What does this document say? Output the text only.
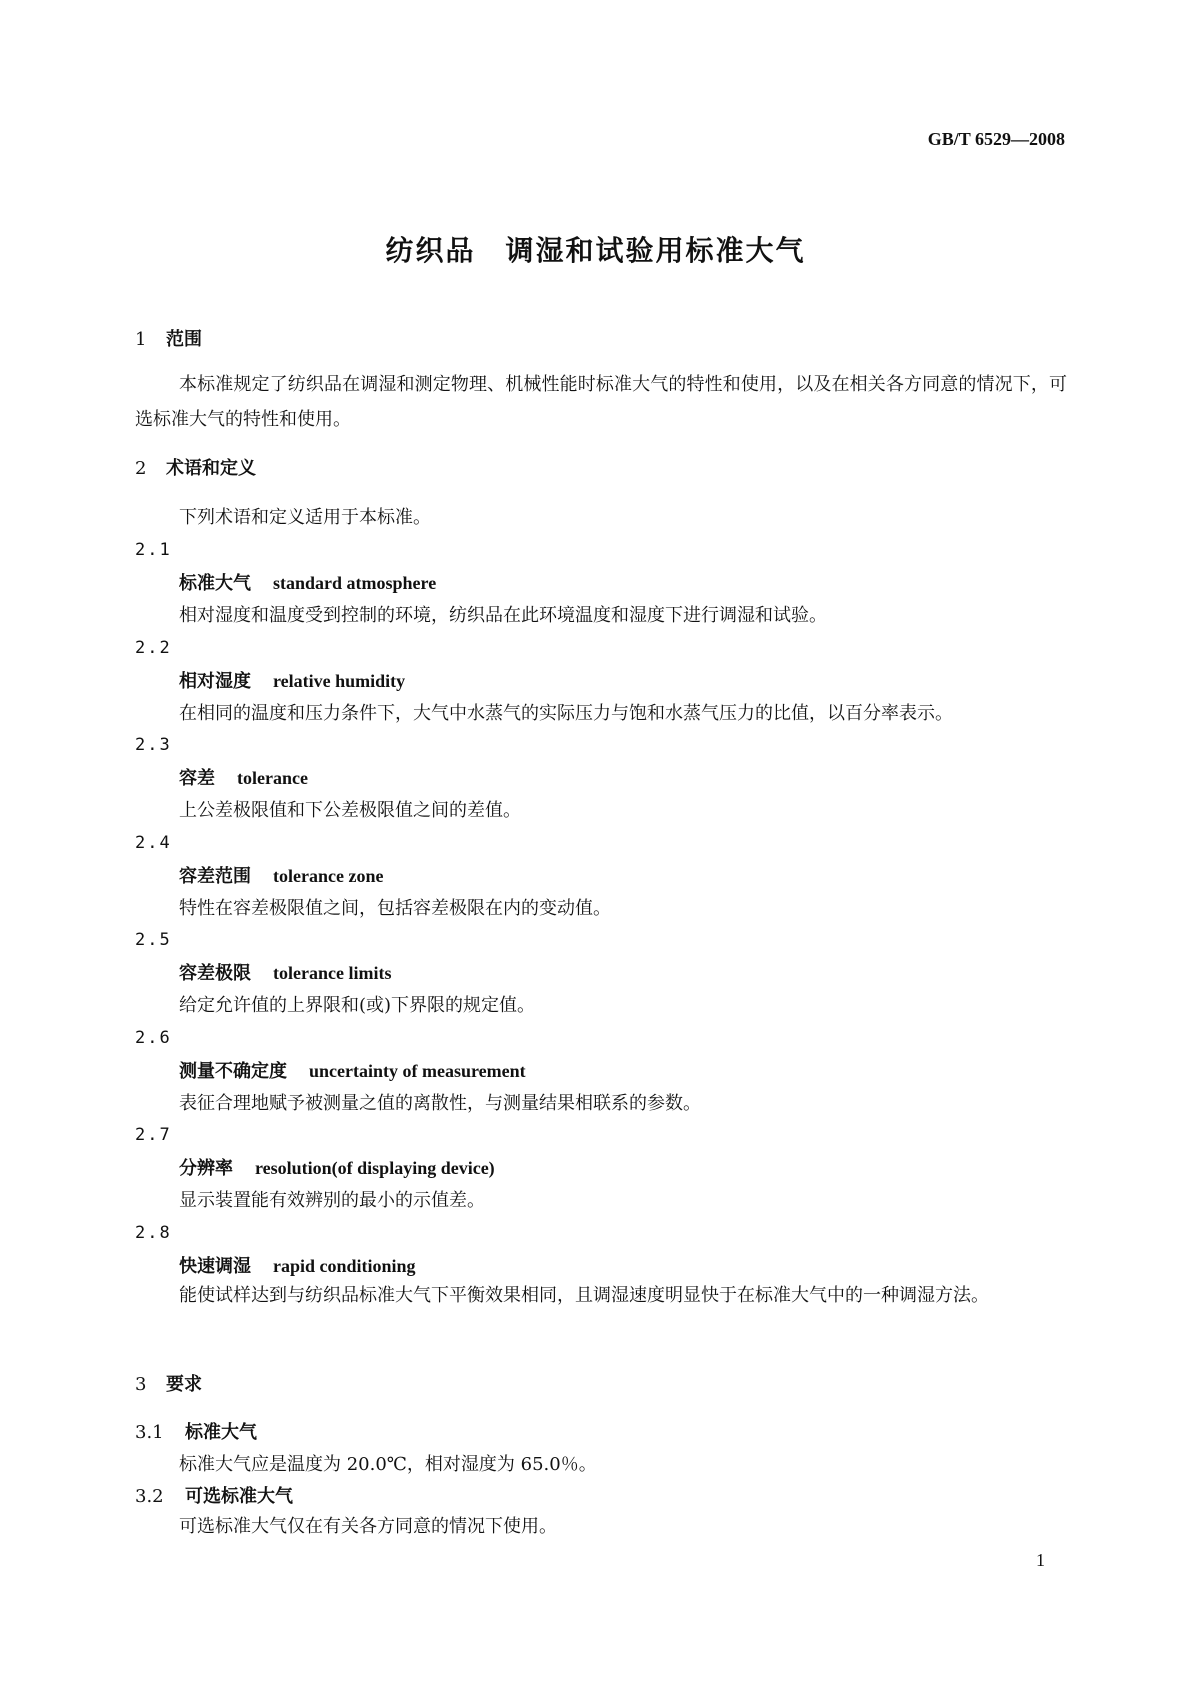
GB/T 6529—2008
纺织品　调湿和试验用标准大气
1 范围
本标准规定了纺织品在调湿和测定物理、机械性能时标准大气的特性和使用，以及在相关各方同意的情况下，可选标准大气的特性和使用。
2 术语和定义
下列术语和定义适用于本标准。
2.1
标准大气 standard atmosphere
相对湿度和温度受到控制的环境，纺织品在此环境温度和湿度下进行调湿和试验。
2.2
相对湿度 relative humidity
在相同的温度和压力条件下，大气中水蒸气的实际压力与饱和水蒸气压力的比值，以百分率表示。
2.3
容差 tolerance
上公差极限值和下公差极限值之间的差值。
2.4
容差范围 tolerance zone
特性在容差极限值之间，包括容差极限在内的变动值。
2.5
容差极限 tolerance limits
给定允许值的上界限和(或)下界限的规定值。
2.6
测量不确定度 uncertainty of measurement
表征合理地赋予被测量之值的离散性，与测量结果相联系的参数。
2.7
分辨率 resolution(of displaying device)
显示装置能有效辨别的最小的示值差。
2.8
快速调湿 rapid conditioning
能使试样达到与纺织品标准大气下平衡效果相同，且调湿速度明显快于在标准大气中的一种调湿方法。
3 要求
3.1 标准大气
标准大气应是温度为 20.0℃，相对湿度为 65.0％。
3.2 可选标准大气
可选标准大气仅在有关各方同意的情况下使用。
1
